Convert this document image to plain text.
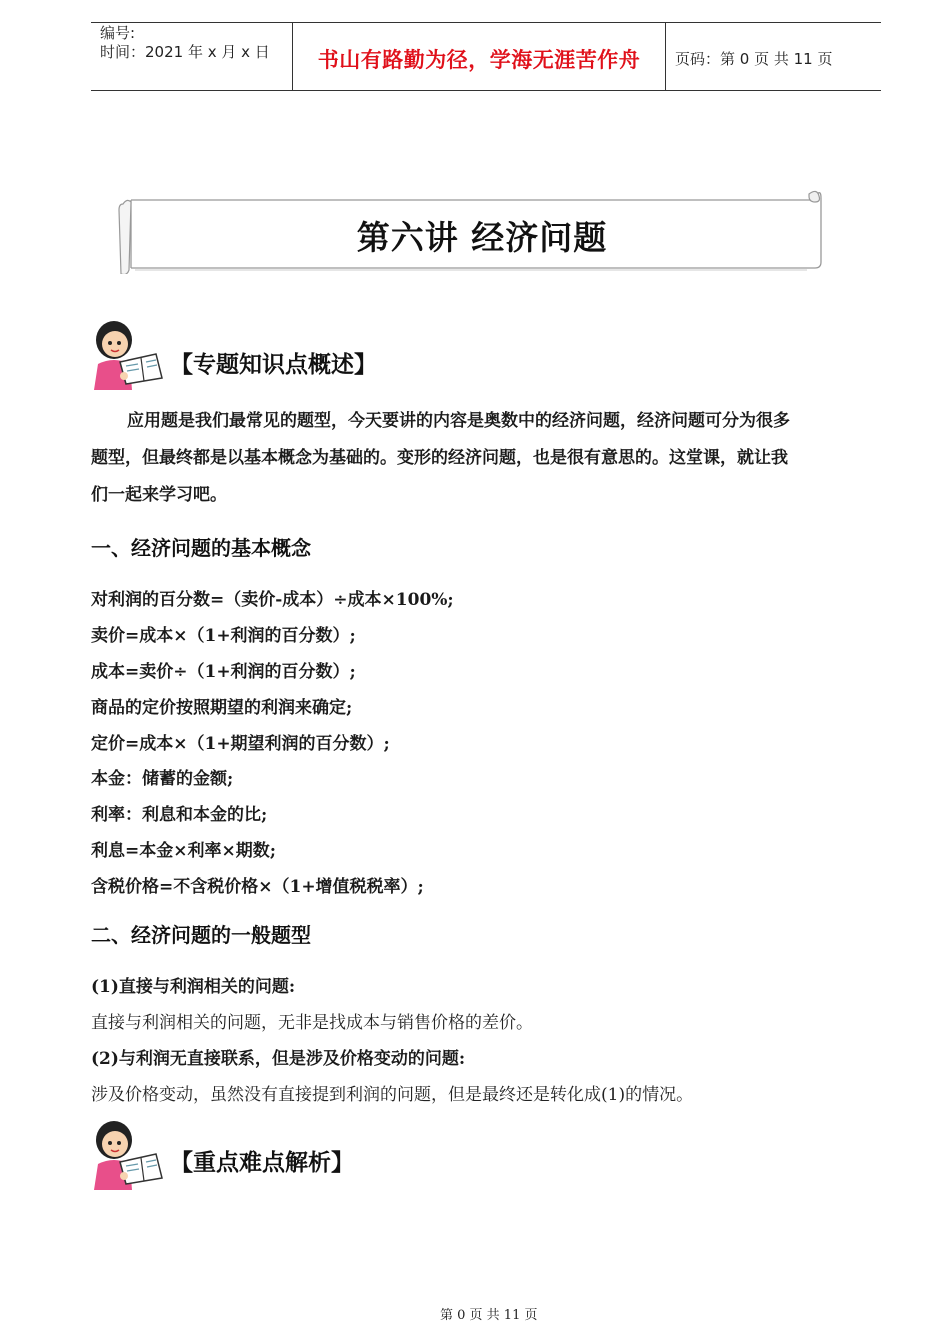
编号:
时间：2021 年 x 月 x 日	书山有路勤为径，学海无涯苦作舟	页码：第 0 页 共 11 页
第六讲 经济问题
【专题知识点概述】
应用题是我们最常见的题型，今天要讲的内容是奥数中的经济问题，经济问题可分为很多
题型，但最终都是以基本概念为基础的。变形的经济问题，也是很有意思的。这堂课，就让我
们一起来学习吧。
一、经济问题的基本概念
对利润的百分数=（卖价-成本）÷成本×100%;
卖价=成本×（1+利润的百分数）;
成本=卖价÷（1+利润的百分数）;
商品的定价按照期望的利润来确定;
定价=成本×（1+期望利润的百分数）;
本金：储蓄的金额;
利率：利息和本金的比;
利息=本金×利率×期数;
含税价格=不含税价格×（1+增值税税率）;
二、经济问题的一般题型
(1)直接与利润相关的问题:
直接与利润相关的问题，无非是找成本与销售价格的差价。
(2)与利润无直接联系，但是涉及价格变动的问题:
涉及价格变动，虽然没有直接提到利润的问题，但是最终还是转化成(1)的情况。
【重点难点解析】
第 0 页 共 11 页
